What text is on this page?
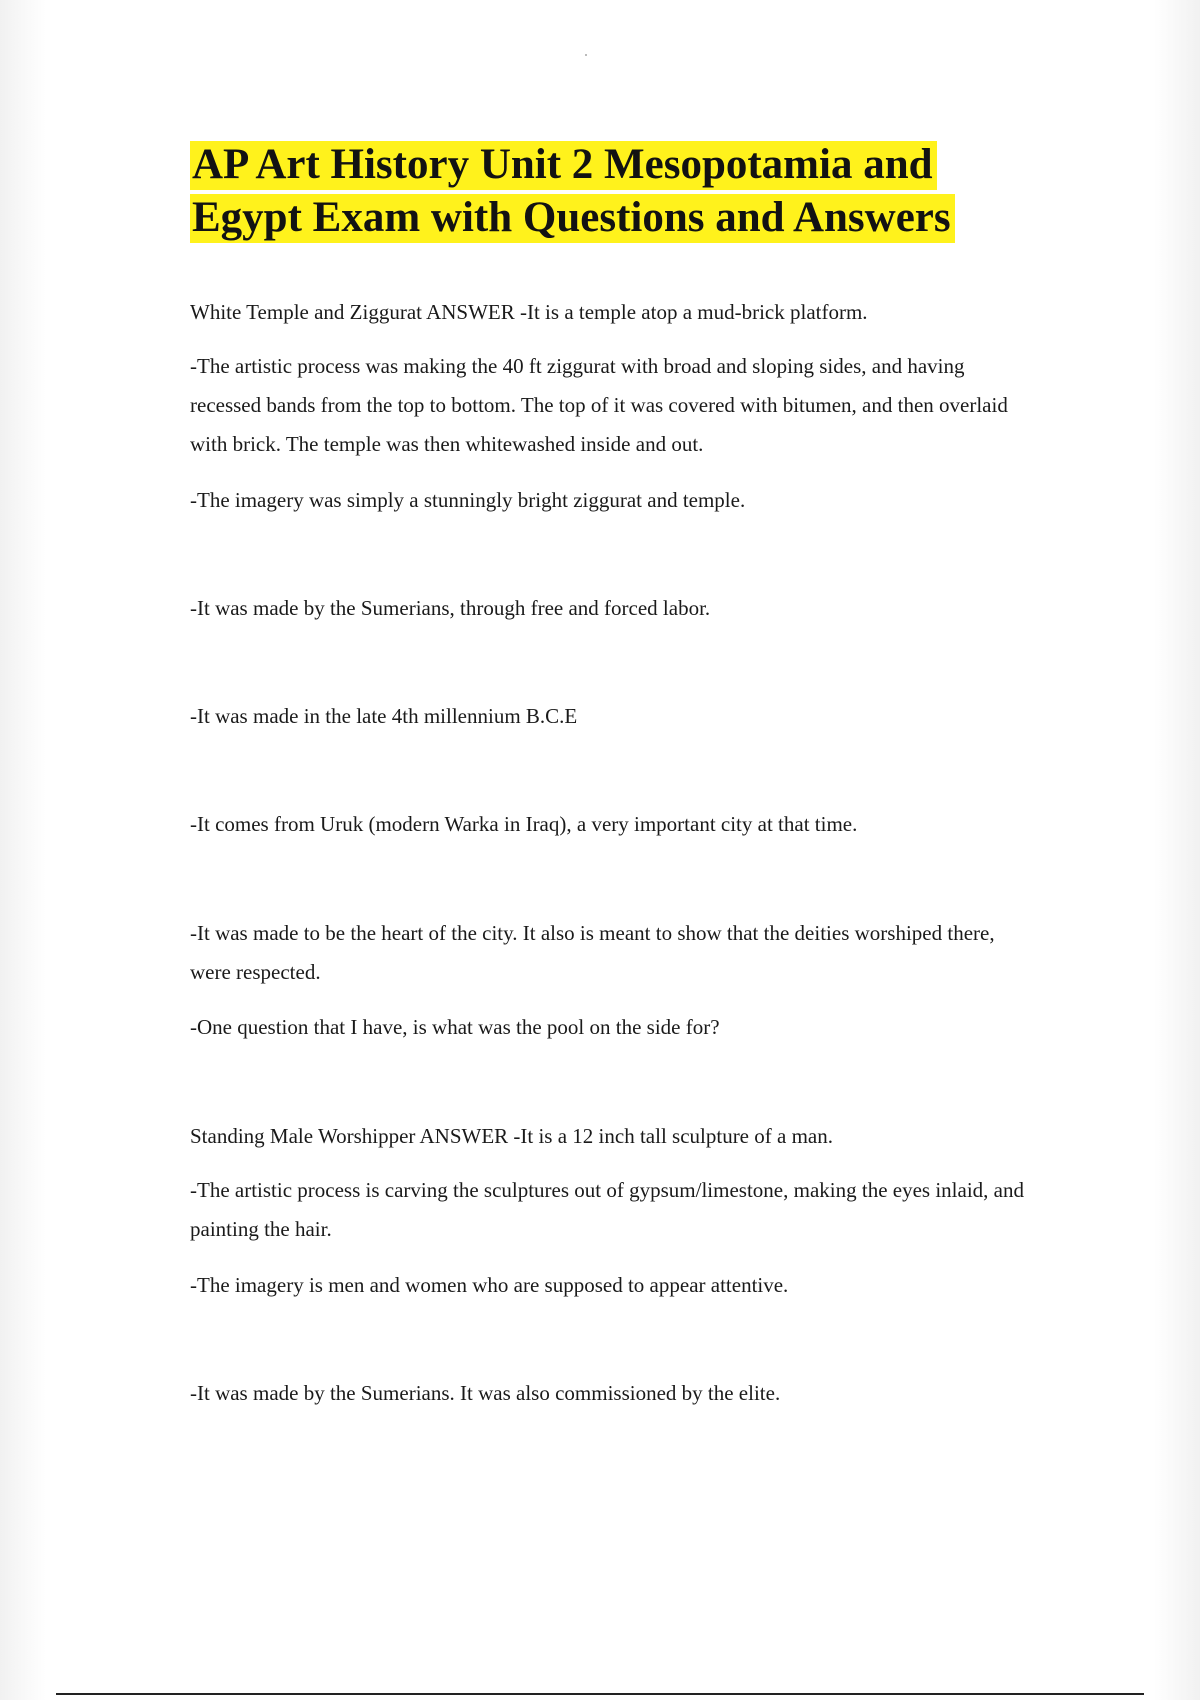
AP Art History Unit 2 Mesopotamia and
Egypt Exam with Questions and Answers

White Temple and Ziggurat ANSWER -It is a temple atop a mud-brick platform.

-The artistic process was making the 40 ft ziggurat with broad and sloping sides, and having recessed bands from the top to bottom. The top of it was covered with bitumen, and then overlaid with brick. The temple was then whitewashed inside and out.

-The imagery was simply a stunningly bright ziggurat and temple.

-It was made by the Sumerians, through free and forced labor.

-It was made in the late 4th millennium B.C.E

-It comes from Uruk (modern Warka in Iraq), a very important city at that time.

-It was made to be the heart of the city. It also is meant to show that the deities worshiped there, were respected.

-One question that I have, is what was the pool on the side for?

Standing Male Worshipper ANSWER -It is a 12 inch tall sculpture of a man.

-The artistic process is carving the sculptures out of gypsum/limestone, making the eyes inlaid, and painting the hair.

-The imagery is men and women who are supposed to appear attentive.

-It was made by the Sumerians. It was also commissioned by the elite.
